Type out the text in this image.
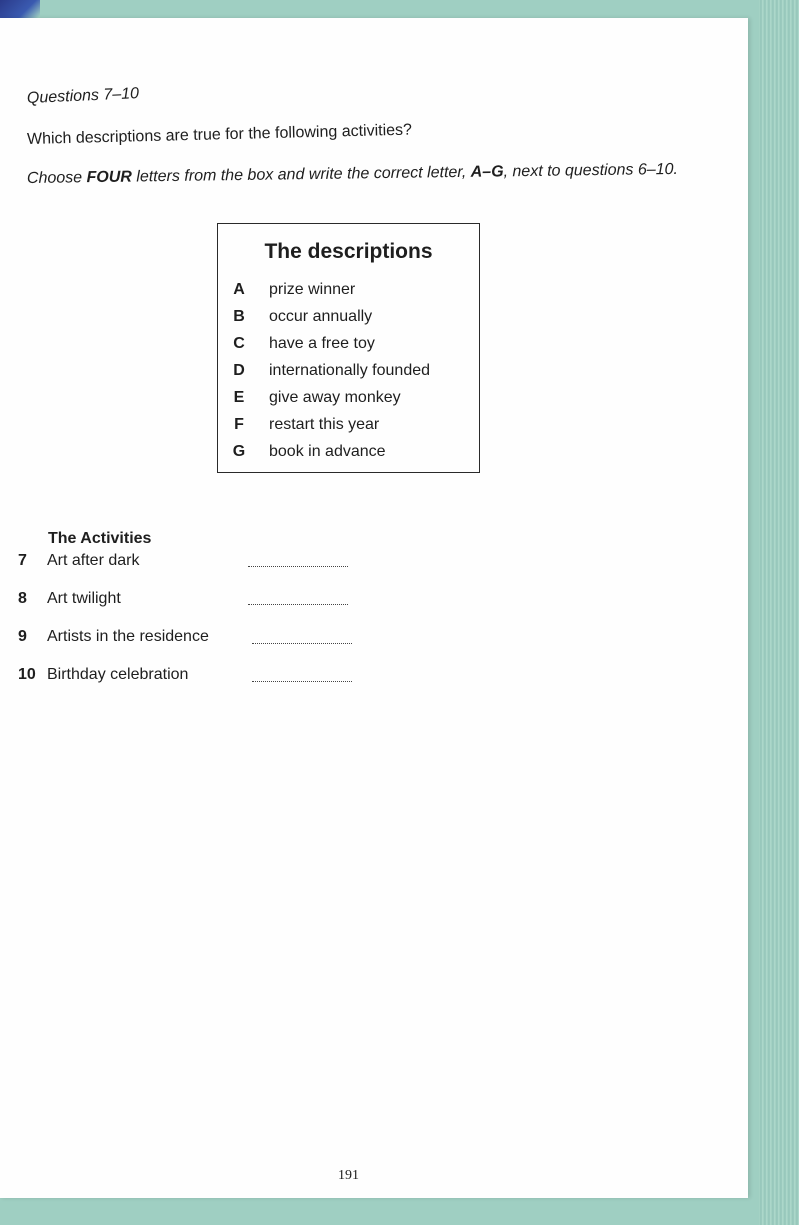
Questions 7–10
Which descriptions are true for the following activities?
Choose FOUR letters from the box and write the correct letter, A–G, next to questions 6–10.
The descriptions
A prize winner
B occur annually
C have a free toy
D internationally founded
E give away monkey
F restart this year
G book in advance
The Activities
7 Art after dark
8 Art twilight
9 Artists in the residence
10 Birthday celebration
191
